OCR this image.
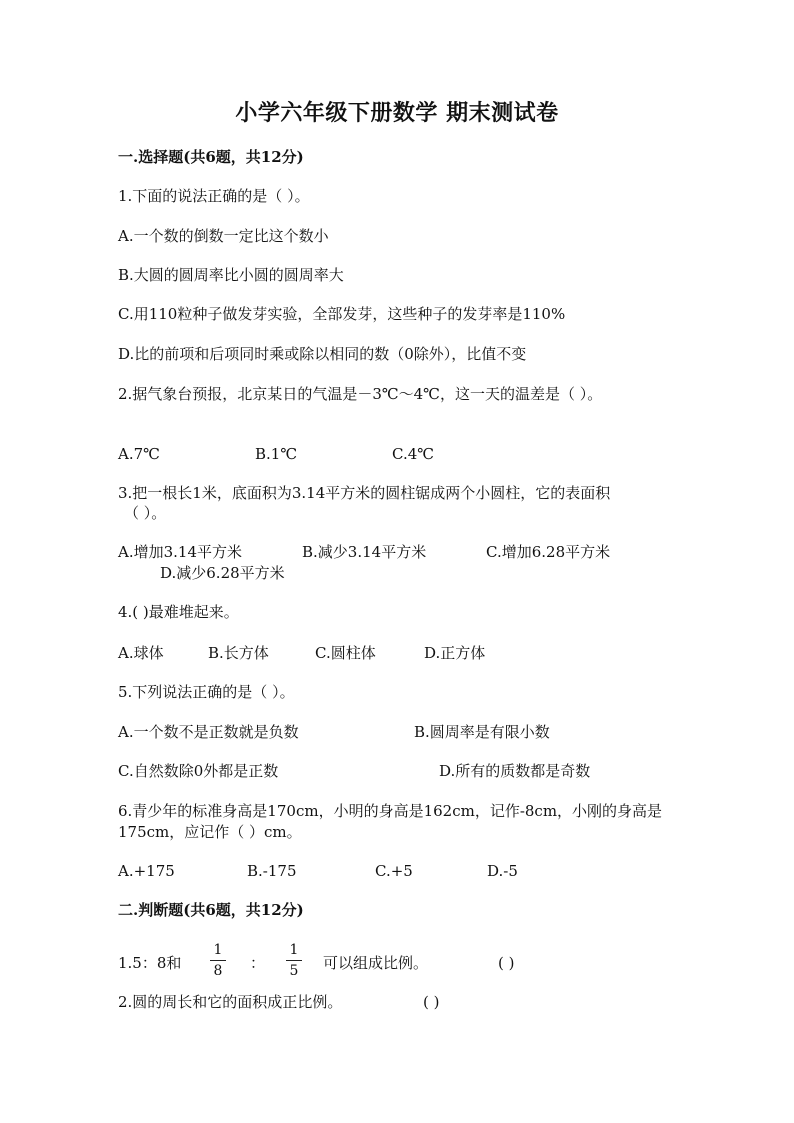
小学六年级下册数学 期末测试卷
一.选择题(共6题，共12分)
1.下面的说法正确的是（ ）。
A.一个数的倒数一定比这个数小
B.大圆的圆周率比小圆的圆周率大
C.用110粒种子做发芽实验，全部发芽，这些种子的发芽率是110%
D.比的前项和后项同时乘或除以相同的数（0除外），比值不变
2.据气象台预报，北京某日的气温是－3℃～4℃，这一天的温差是（ ）。
A.7℃	B.1℃	C.4℃
3.把一根长1米，底面积为3.14平方米的圆柱锯成两个小圆柱，它的表面积
（ ）。
A.增加3.14平方米	B.减少3.14平方米	C.增加6.28平方米
D.减少6.28平方米
4.( )最难堆起来。
A.球体	B.长方体	C.圆柱体	D.正方体
5.下列说法正确的是（ ）。
A.一个数不是正数就是负数	B.圆周率是有限小数
C.自然数除0外都是正数	D.所有的质数都是奇数
6.青少年的标准身高是170cm，小明的身高是162cm，记作-8cm，小刚的身高是
175cm，应记作（ ）cm。
A.+175	B.-175	C.+5	D.-5
二.判断题(共6题，共12分)
1.5：8和
1
8 ：
1
5 可以组成比例。	( )
2.圆的周长和它的面积成正比例。	( )
